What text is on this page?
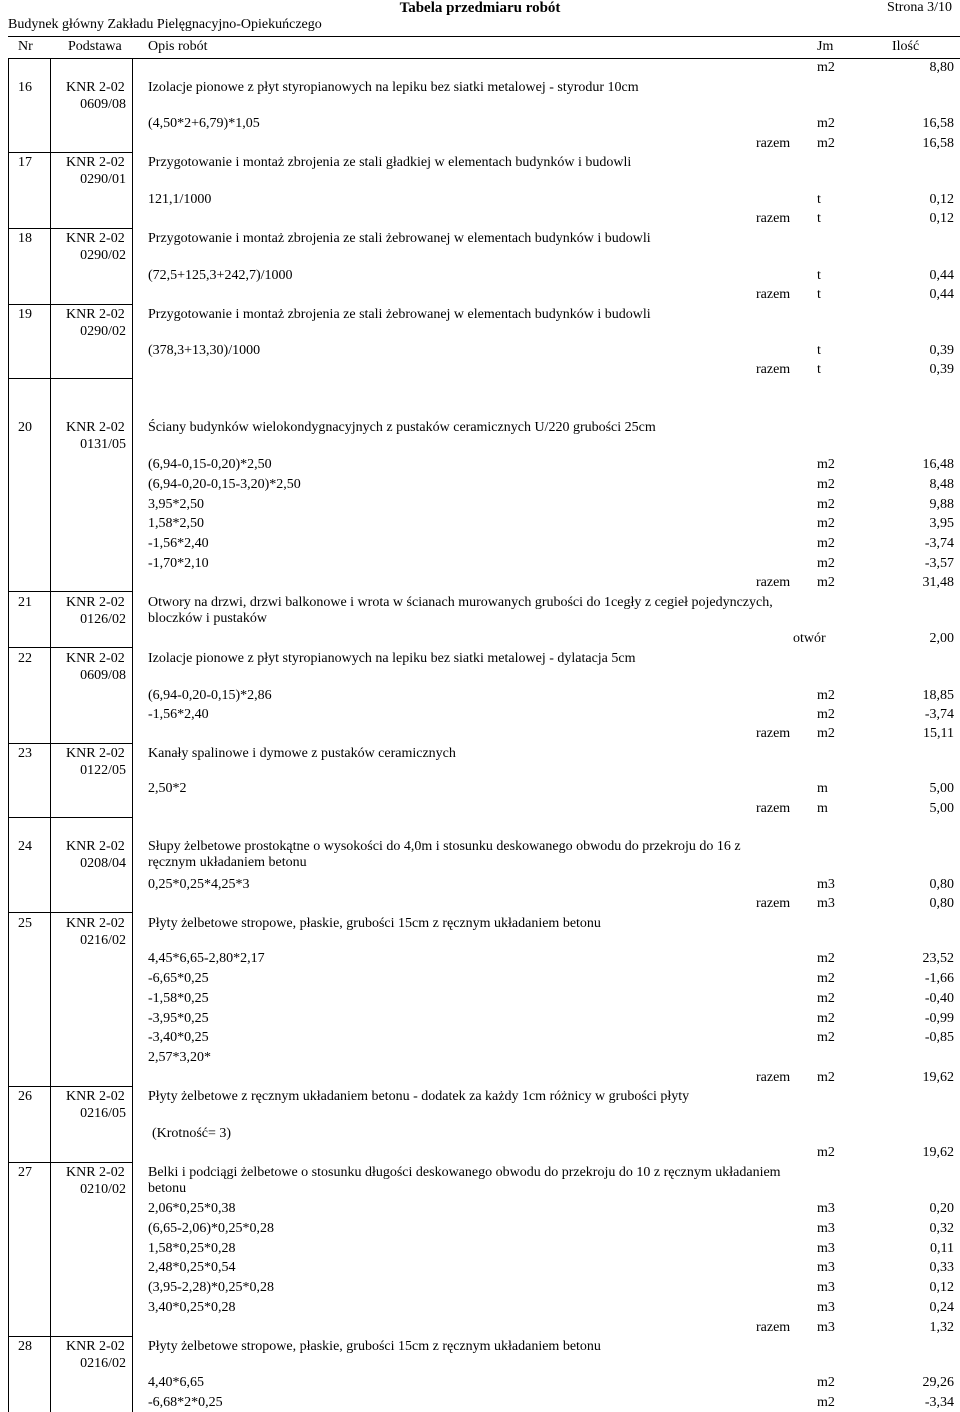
Budynek główny Zakładu Pielęgnacyjno-Opiekuńczego
Tabela przedmiaru robót	Strona 3/10
Nr	Podstawa Opis robót	Jm	Ilość
m2	8,80
16 KNR 2-02
0609/08
Izolacje pionowe z płyt styropianowych na lepiku bez siatki metalowej - styrodur 10cm
(4,50*2+6,79)*1,05	m2	16,58
razem m2	16,58
17 KNR 2-02
0290/01
Przygotowanie i montaż zbrojenia ze stali gładkiej w elementach budynków i budowli
121,1/1000	t	0,12
razem t	0,12
18 KNR 2-02
0290/02
Przygotowanie i montaż zbrojenia ze stali żebrowanej w elementach budynków i budowli
(72,5+125,3+242,7)/1000	t	0,44
razem t	0,44
19 KNR 2-02
0290/02
Przygotowanie i montaż zbrojenia ze stali żebrowanej w elementach budynków i budowli
(378,3+13,30)/1000	t	0,39
razem t	0,39
20 KNR 2-02
0131/05
Ściany budynków wielokondygnacyjnych z pustaków ceramicznych U/220 grubości 25cm
(6,94-0,15-0,20)*2,50	m2	16,48
(6,94-0,20-0,15-3,20)*2,50	m2	8,48
3,95*2,50	m2	9,88
1,58*2,50	m2	3,95
-1,56*2,40	m2	-3,74
-1,70*2,10	m2	-3,57
razem m2	31,48
21 KNR 2-02
0126/02
Otwory na drzwi, drzwi balkonowe i wrota w ścianach murowanych grubości do 1cegły z cegieł pojedynczych, bloczków i pustaków
otwór	2,00
22 KNR 2-02
0609/08
Izolacje pionowe z płyt styropianowych na lepiku bez siatki metalowej - dylatacja 5cm
(6,94-0,20-0,15)*2,86	m2	18,85
-1,56*2,40	m2	-3,74
razem m2	15,11
23 KNR 2-02
0122/05
Kanały spalinowe i dymowe z pustaków ceramicznych
2,50*2	m	5,00
razem m	5,00
24 KNR 2-02
0208/04
Słupy żelbetowe prostokątne o wysokości do 4,0m i stosunku deskowanego obwodu do przekroju do 16 z ręcznym układaniem betonu
0,25*0,25*4,25*3	m3	0,80
razem m3	0,80
25 KNR 2-02
0216/02
Płyty żelbetowe stropowe, płaskie, grubości 15cm z ręcznym układaniem betonu
4,45*6,65-2,80*2,17	m2	23,52
-6,65*0,25	m2	-1,66
-1,58*0,25	m2	-0,40
-3,95*0,25	m2	-0,99
-3,40*0,25	m2	-0,85
2,57*3,20*
razem m2	19,62
26 KNR 2-02
0216/05
Płyty żelbetowe z ręcznym układaniem betonu - dodatek za każdy 1cm różnicy w grubości płyty
(Krotność= 3)
m2	19,62
27 KNR 2-02
0210/02
Belki i podciągi żelbetowe o stosunku długości deskowanego obwodu do przekroju do 10 z ręcznym układaniem betonu
2,06*0,25*0,38	m3	0,20
(6,65-2,06)*0,25*0,28	m3	0,32
1,58*0,25*0,28	m3	0,11
2,48*0,25*0,54	m3	0,33
(3,95-2,28)*0,25*0,28	m3	0,12
3,40*0,25*0,28	m3	0,24
razem m3	1,32
28 KNR 2-02
0216/02
Płyty żelbetowe stropowe, płaskie, grubości 15cm z ręcznym układaniem betonu
4,40*6,65	m2	29,26
-6,68*2*0,25	m2	-3,34
